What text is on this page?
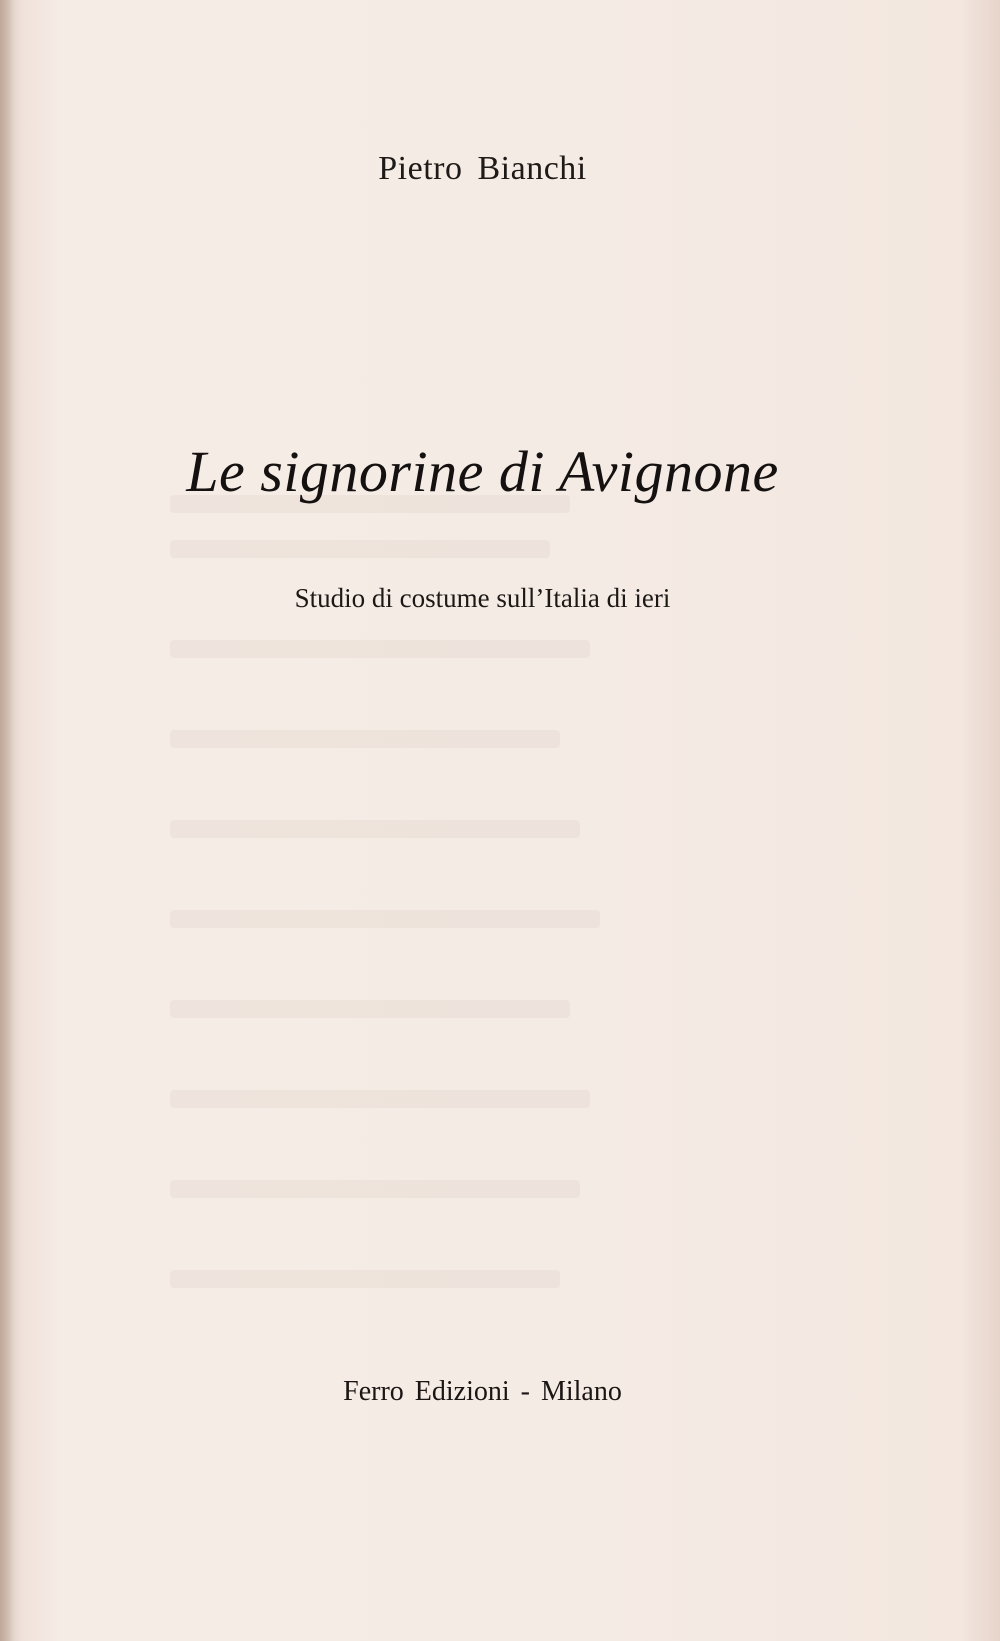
Pietro Bianchi
Le signorine di Avignone
Studio di costume sull’Italia di ieri
Ferro Edizioni - Milano
